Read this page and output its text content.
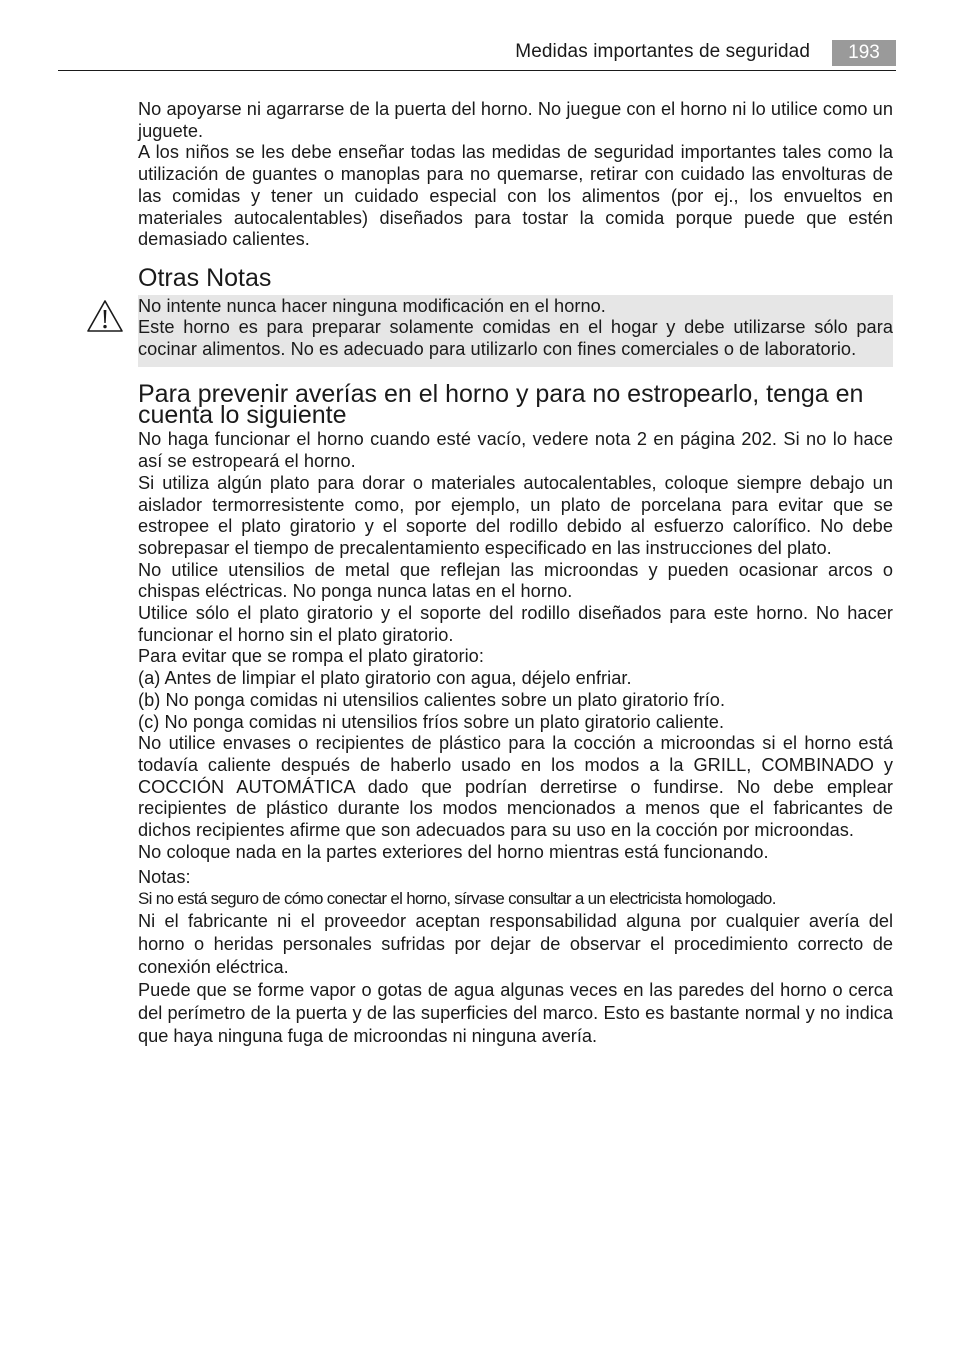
Medidas importantes de seguridad	193

No apoyarse ni agarrarse de la puerta del horno. No juegue con el horno ni lo utilice como un juguete.

A los niños se les debe enseñar todas las medidas de seguridad importantes tales como la utilización de guantes o manoplas para no quemarse, retirar con cuidado las envolturas de las comidas y tener un cuidado especial con los alimentos (por ej., los envueltos en materiales autocalentables) diseñados para tostar la comida porque puede que estén demasiado calientes.

Otras Notas

No intente nunca hacer ninguna modificación en el horno.

Este horno es para preparar solamente comidas en el hogar y debe utilizarse sólo para cocinar alimentos. No es adecuado para utilizarlo con fines comerciales o de laboratorio.

Para prevenir averías en el horno y para no estropearlo, tenga en cuenta lo siguiente

No haga funcionar el horno cuando esté vacío, vedere nota 2 en página 202. Si no lo hace así se estropeará el horno.

Si utiliza algún plato para dorar o materiales autocalentables, coloque siempre debajo un aislador termorresistente como, por ejemplo, un plato de porcelana para evitar que se estropee el plato giratorio y el soporte del rodillo debido al esfuerzo calorífico. No debe sobrepasar el tiempo de precalentamiento especificado en las instrucciones del plato.

No utilice utensilios de metal que reflejan las microondas y pueden ocasionar arcos o chispas eléctricas. No ponga nunca latas en el horno.

Utilice sólo el plato giratorio y el soporte del rodillo diseñados para este horno. No hacer funcionar el horno sin el plato giratorio.

Para evitar que se rompa el plato giratorio:

(a) Antes de limpiar el plato giratorio con agua, déjelo enfriar.

(b) No ponga comidas ni utensilios calientes sobre un plato giratorio frío.

(c) No ponga comidas ni utensilios fríos sobre un plato giratorio caliente.

No utilice envases o recipientes de plástico para la cocción a microondas si el horno está todavía caliente después de haberlo usado en los modos a la GRILL, COMBINADO y COCCIÓN AUTOMÁTICA dado que podrían derretirse o fundirse. No debe emplear recipientes de plástico durante los modos mencionados a menos que el fabricantes de dichos recipientes afirme que son adecuados para su uso en la cocción por microondas.

No coloque nada en la partes exteriores del horno mientras está funcionando.

Notas:

Si no está seguro de cómo conectar el horno, sírvase consultar a un electricista homologado.

Ni el fabricante ni el proveedor aceptan responsabilidad alguna por cualquier avería del horno o heridas personales sufridas por dejar de observar el procedimiento correcto de conexión eléctrica.

Puede que se forme vapor o gotas de agua algunas veces en las paredes del horno o cerca del perímetro de la puerta y de las superficies del marco. Esto es bastante normal y no indica que haya ninguna fuga de microondas ni ninguna avería.
